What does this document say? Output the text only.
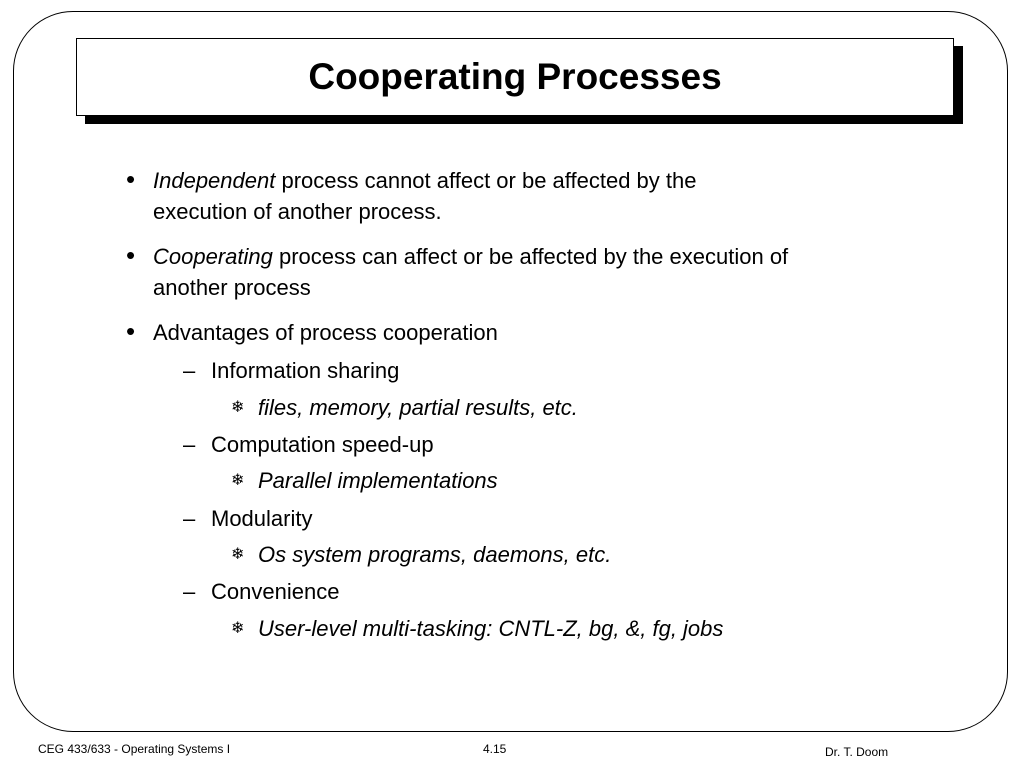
Cooperating Processes
• Independent process cannot affect or be affected by the
execution of another process.
• Cooperating process can affect or be affected by the execution of
another process
• Advantages of process cooperation
– Information sharing
❄ files, memory, partial results, etc.
– Computation speed-up
❄ Parallel implementations
– Modularity
❄ Os system programs, daemons, etc.
– Convenience
❄ User-level multi-tasking: CNTL-Z, bg, &, fg, jobs
CEG 433/633 - Operating Systems I	4.15	Dr. T. Doom
